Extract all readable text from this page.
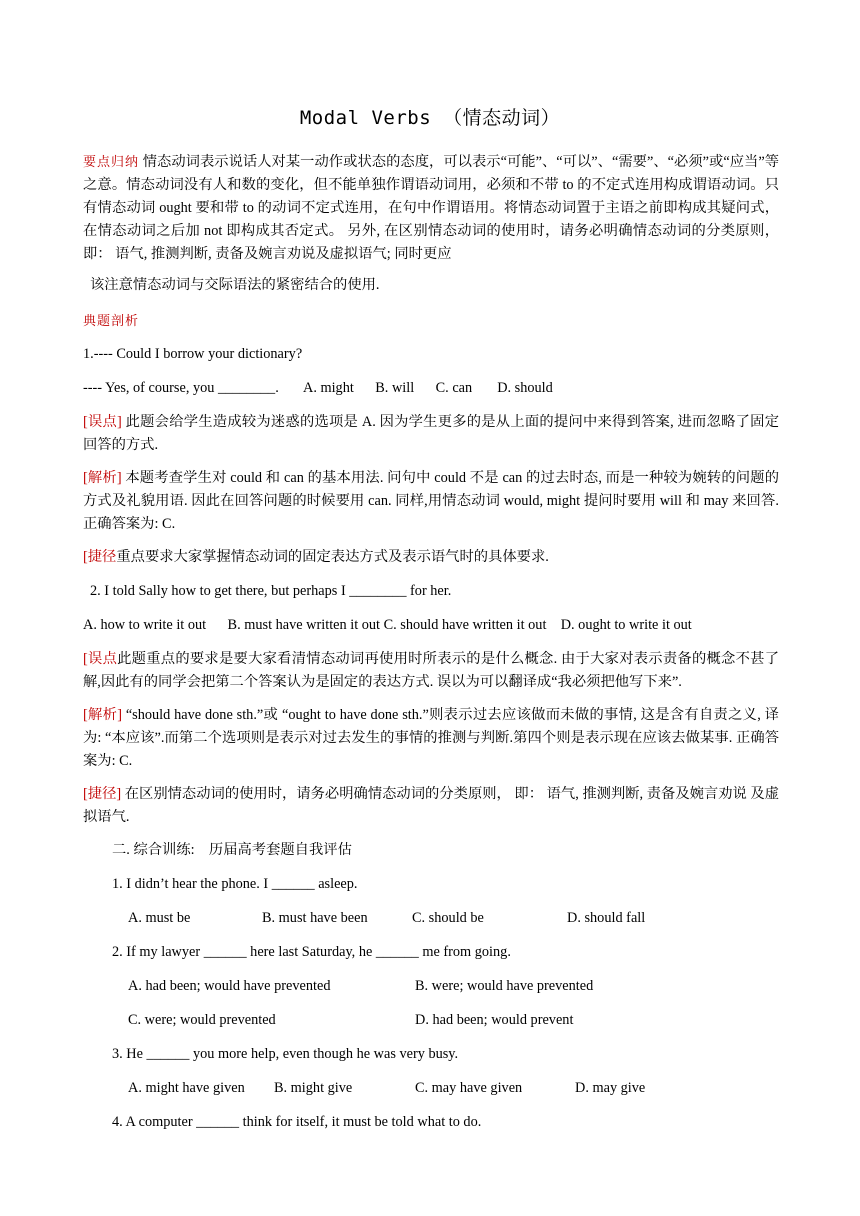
Modal Verbs （情态动词）
要点归纳 情态动词表示说话人对某一动作或状态的态度，可以表示“可能”、“可以”、“需要”、“必须”或“应当”等之意。情态动词没有人和数的变化，但不能单独作谓语动词用，必须和不带 to 的不定式连用构成谓语动词。只有情态动词 ought 要和带 to 的动词不定式连用，在句中作谓语用。将情态动词置于主语之前即构成其疑问式，在情态动词之后加 not 即构成其否定式。 另外, 在区别情态动词的使用时，请务必明确情态动词的分类原则，即： 语气, 推测判断, 责备及婉言劝说及虚拟语气; 同时更应
该注意情态动词与交际语法的紧密结合的使用.
典题剖析
1.---- Could I borrow your dictionary?
---- Yes, of course, you ________.       A. might      B. will      C. can       D. should
[误点] 此题会给学生造成较为迷惑的选项是 A. 因为学生更多的是从上面的提问中来得到答案, 进而忽略了固定回答的方式.
[解析] 本题考查学生对 could 和 can 的基本用法. 问句中 could 不是 can 的过去时态, 而是一种较为婉转的问题的方式及礼貌用语. 因此在回答问题的时候要用 can. 同样,用情态动词 would, might 提问时要用 will 和 may 来回答. 正确答案为: C.
[捷径重点要求大家掌握情态动词的固定表达方式及表示语气时的具体要求.
2. I told Sally how to get there, but perhaps I ________ for her.
A. how to write it out      B. must have written it out C. should have written it out    D. ought to write it out
[误点此题重点的要求是要大家看清情态动词再使用时所表示的是什么概念. 由于大家对表示责备的概念不甚了解,因此有的同学会把第二个答案认为是固定的表达方式. 误以为可以翻译成“我必须把他写下来”.
[解析] “should have done sth.”或 “ought to have done sth.”则表示过去应该做而未做的事情, 这是含有自责之义, 译为: “本应该”.而第二个选项则是表示对过去发生的事情的推测与判断.第四个则是表示现在应该去做某事. 正确答案为: C.
[捷径] 在区别情态动词的使用时，请务必明确情态动词的分类原则， 即： 语气, 推测判断, 责备及婉言劝说 及虚拟语气.
二. 综合训练:    历届高考套题自我评估
1. I didn’t hear the phone. I ______ asleep.
A. must be	B. must have been	C. should be	D. should fall
2. If my lawyer ______ here last Saturday, he ______ me from going.
A. had been; would have prevented	B. were; would have prevented
C. were; would prevented	D. had been; would prevent
3. He ______ you more help, even though he was very busy.
A. might have given B. might give	C. may have given	D. may give
4. A computer ______ think for itself, it must be told what to do.
